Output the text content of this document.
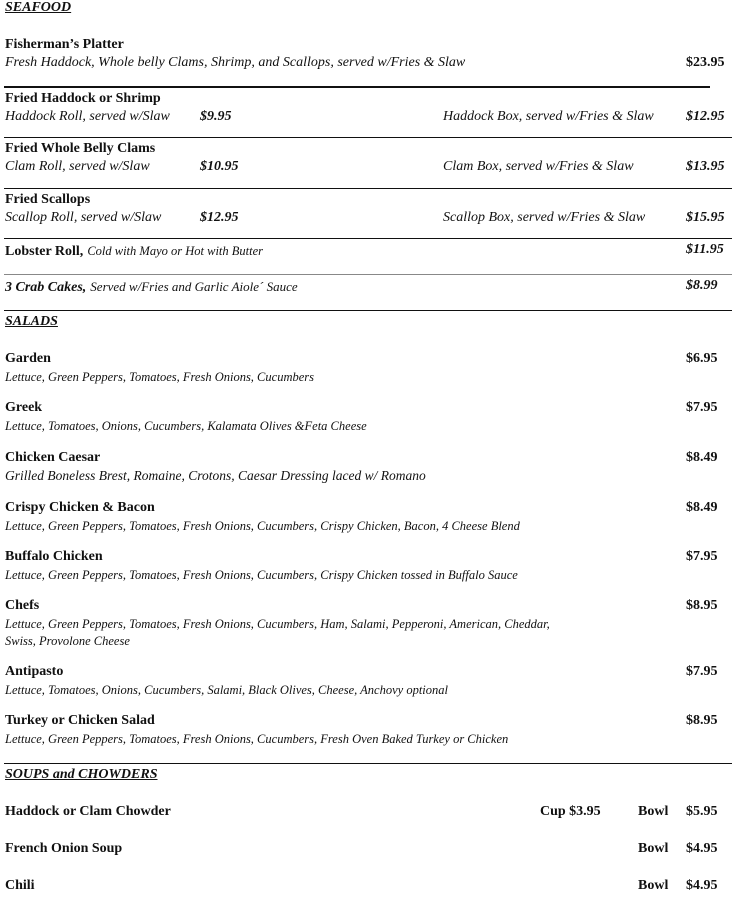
SEAFOOD
Fisherman’s Platter
Fresh Haddock, Whole belly Clams, Shrimp, and Scallops, served w/Fries & Slaw	$23.95
Fried Haddock or Shrimp
Haddock Roll, served w/Slaw $9.95	Haddock Box, served w/Fries & Slaw $12.95
Fried Whole Belly Clams
Clam Roll, served w/Slaw	$10.95	Clam Box, served w/Fries & Slaw	$13.95
Fried Scallops
Scallop Roll, served w/Slaw	$12.95	Scallop Box, served w/Fries & Slaw	$15.95
Lobster Roll, Cold with Mayo or Hot with Butter	$11.95
3 Crab Cakes, Served w/Fries and Garlic Aiole´ Sauce	$8.99
SALADS
Garden
Lettuce, Green Peppers, Tomatoes, Fresh Onions, Cucumbers
$6.95
Greek
Lettuce, Tomatoes, Onions, Cucumbers, Kalamata Olives &Feta Cheese
$7.95
Chicken Caesar
Grilled Boneless Brest, Romaine, Crotons, Caesar Dressing laced w/ Romano
$8.49
Crispy Chicken & Bacon
Lettuce, Green Peppers, Tomatoes, Fresh Onions, Cucumbers, Crispy Chicken, Bacon, 4 Cheese Blend
$8.49
Buffalo Chicken
Lettuce, Green Peppers, Tomatoes, Fresh Onions, Cucumbers, Crispy Chicken tossed in Buffalo Sauce
$7.95
Chefs
Lettuce, Green Peppers, Tomatoes, Fresh Onions, Cucumbers, Ham, Salami, Pepperoni, American, Cheddar,
Swiss, Provolone Cheese
$8.95
Antipasto
Lettuce, Tomatoes, Onions, Cucumbers, Salami, Black Olives, Cheese, Anchovy optional
$7.95
Turkey or Chicken Salad
Lettuce, Green Peppers, Tomatoes, Fresh Onions, Cucumbers, Fresh Oven Baked Turkey or Chicken
$8.95
SOUPS and CHOWDERS
Haddock or Clam Chowder	Cup $3.95	Bowl $5.95
French Onion Soup	Bowl $4.95
Chili	Bowl $4.95
